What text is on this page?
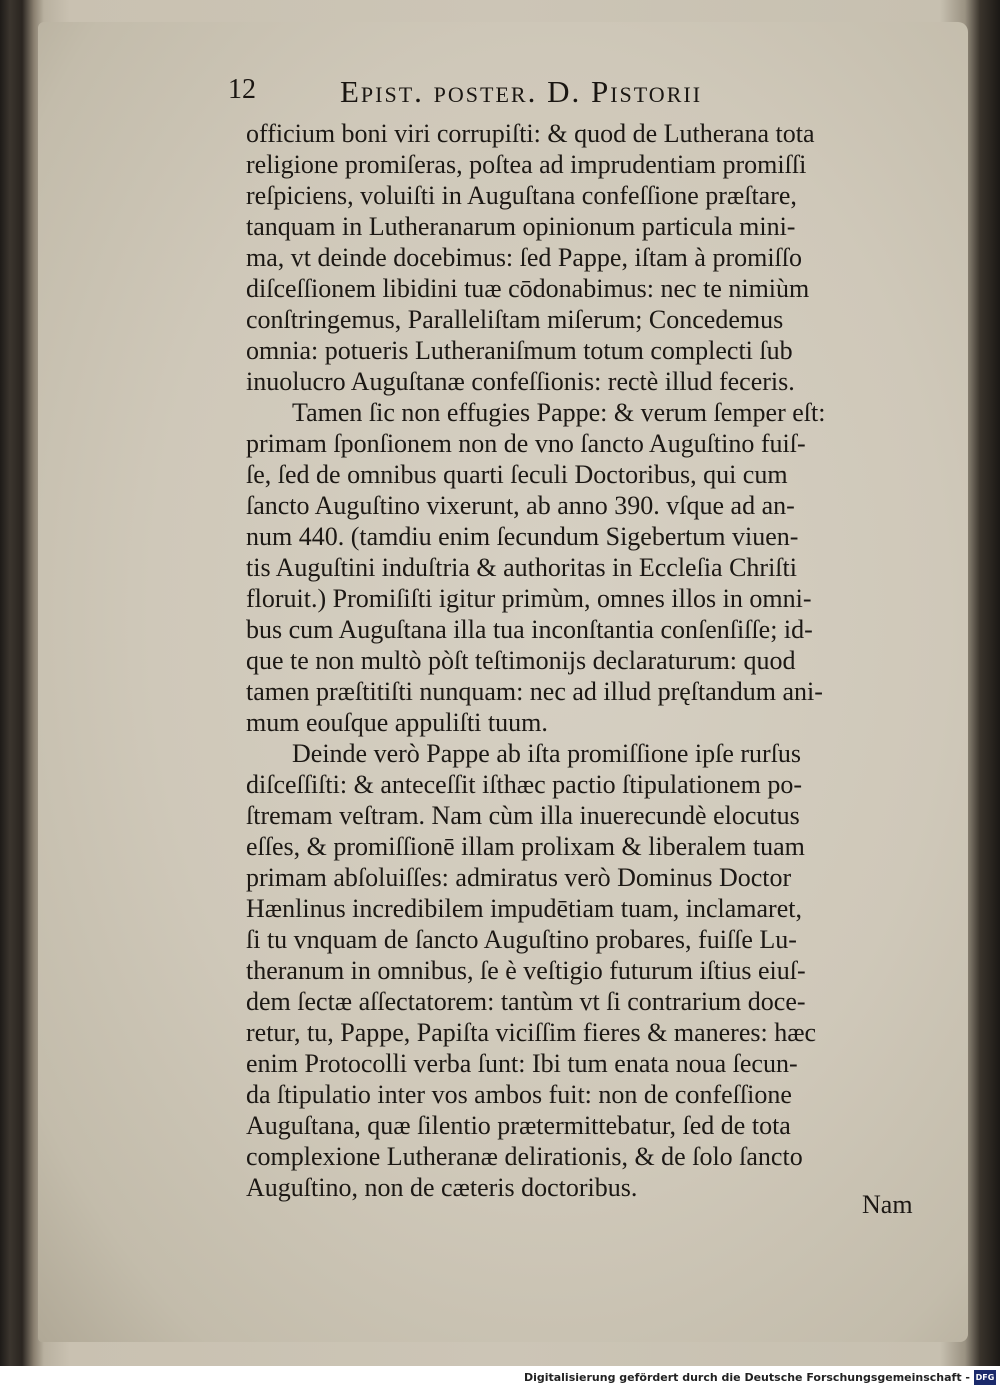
12	Epist. poster. D. Pistorii
officium boni viri corrupiſti: & quod de Lutherana tota
religione promiſeras, poſtea ad imprudentiam promiſſi
reſpiciens, voluiſti in Auguſtana confeſſione præſtare,
tanquam in Lutheranarum opinionum particula mini-
ma, vt deinde docebimus: ſed Pappe, iſtam à promiſſo
diſceſſionem libidini tuæ cōdonabimus: nec te nimiùm
conſtringemus, Paralleliſtam miſerum; Concedemus
omnia: potueris Lutheraniſmum totum complecti ſub
inuolucro Auguſtanæ confeſſionis: rectè illud feceris.
Tamen ſic non effugies Pappe: & verum ſemper eſt:
primam ſponſionem non de vno ſancto Auguſtino fuiſ-
ſe, ſed de omnibus quarti ſeculi Doctoribus, qui cum
ſancto Auguſtino vixerunt, ab anno 390. vſque ad an-
num 440. (tamdiu enim ſecundum Sigebertum viuen-
tis Auguſtini induſtria & authoritas in Eccleſia Chriſti
floruit.) Promiſiſti igitur primùm, omnes illos in omni-
bus cum Auguſtana illa tua inconſtantia conſenſiſſe; id-
que te non multò pòſt teſtimonijs declaraturum: quod
tamen præſtitiſti nunquam: nec ad illud pręſtandum ani-
mum eouſque appuliſti tuum.
Deinde verò Pappe ab iſta promiſſione ipſe rurſus
diſceſſiſti: & anteceſſit iſthæc pactio ſtipulationem po-
ſtremam veſtram. Nam cùm illa inuerecundè elocutus
eſſes, & promiſſionē illam prolixam & liberalem tuam
primam abſoluiſſes: admiratus verò Dominus Doctor
Hænlinus incredibilem impudētiam tuam, inclamaret,
ſi tu vnquam de ſancto Auguſtino probares, fuiſſe Lu-
theranum in omnibus, ſe è veſtigio futurum iſtius eiuſ-
dem ſectæ aſſectatorem: tantùm vt ſi contrarium doce-
retur, tu, Pappe, Papiſta viciſſim fieres & maneres: hæc
enim Protocolli verba ſunt: Ibi tum enata noua ſecun-
da ſtipulatio inter vos ambos fuit: non de confeſſione
Auguſtana, quæ ſilentio prætermittebatur, ſed de tota
complexione Lutheranæ delirationis, & de ſolo ſancto
Auguſtino, non de cæteris doctoribus.
Nam
Digitalisierung gefördert durch die Deutsche Forschungsgemeinschaft - DFG
